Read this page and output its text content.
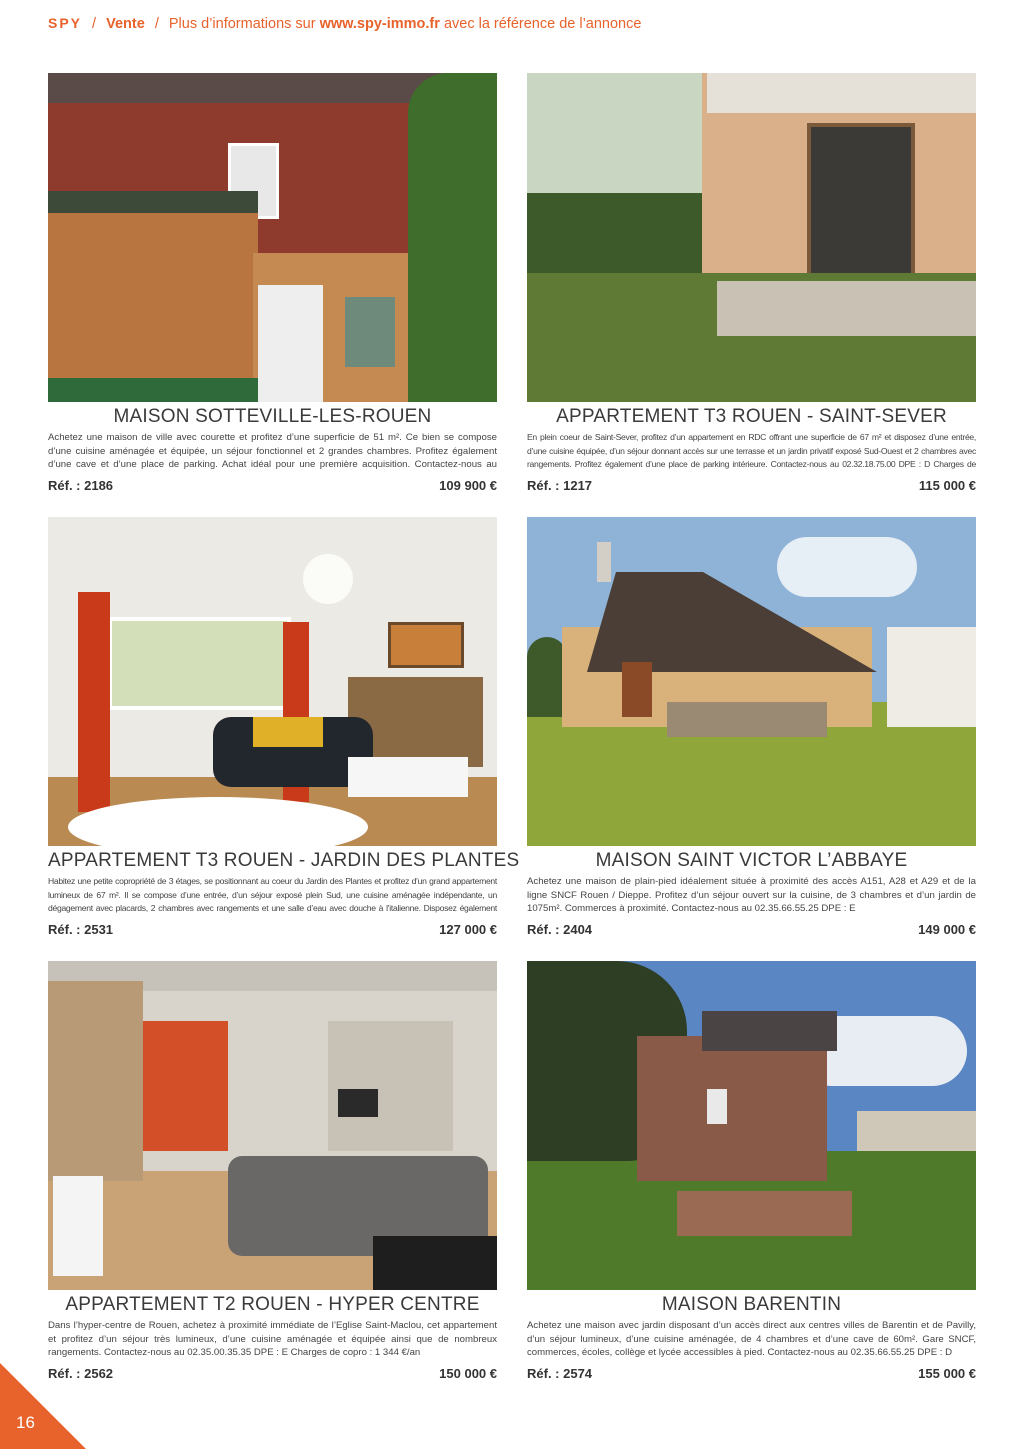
SPY / Vente / Plus d’informations sur www.spy-immo.fr avec la référence de l’annonce
MAISON SOTTEVILLE-LES-ROUEN
Achetez une maison de ville avec courette et profitez d’une superficie de 51 m². Ce bien se compose d’une cuisine aménagée et équipée, un séjour fonctionnel et 2 grandes chambres. Profitez également d’une cave et d’une place de parking. Achat idéal pour une première acquisition. Contactez-nous au
Réf. : 2186	109 900 €
APPARTEMENT T3 ROUEN - SAINT-SEVER
En plein coeur de Saint-Sever, profitez d’un appartement en RDC offrant une superficie de 67 m² et disposez d’une entrée, d’une cuisine équipée, d’un séjour donnant accès sur une terrasse et un jardin privatif exposé Sud-Ouest et 2 chambres avec rangements. Profitez également d’une place de parking intérieure. Contactez-nous au 02.32.18.75.00 DPE : D Charges de
Réf. : 1217	115 000 €
APPARTEMENT T3 ROUEN - JARDIN DES PLANTES
Habitez une petite copropriété de 3 étages, se positionnant au coeur du Jardin des Plantes et profitez d’un grand appartement lumineux de 67 m². Il se compose d’une entrée, d’un séjour exposé plein Sud, une cuisine aménagée indépendante, un dégagement avec placards, 2 chambres avec rangements et une salle d’eau avec douche à l’italienne. Disposez également
Réf. : 2531	127 000 €
MAISON SAINT VICTOR L’ABBAYE
Achetez une maison de plain-pied idéalement située à proximité des accès A151, A28 et A29 et de la ligne SNCF Rouen / Dieppe. Profitez d’un séjour ouvert sur la cuisine, de 3 chambres et d’un jardin de 1075m². Commerces à proximité. Contactez-nous au 02.35.66.55.25 DPE : E
Réf. : 2404	149 000 €
APPARTEMENT T2 ROUEN - HYPER CENTRE
Dans l’hyper-centre de Rouen, achetez à proximité immédiate de l’Eglise Saint-Maclou, cet appartement et profitez d’un séjour très lumineux, d’une cuisine aménagée et équipée ainsi que de nombreux rangements. Contactez-nous au 02.35.00.35.35 DPE : E Charges de copro : 1 344 €/an
Réf. : 2562	150 000 €
MAISON BARENTIN
Achetez une maison avec jardin disposant d’un accès direct aux centres villes de Barentin et de Pavilly, d’un séjour lumineux, d’une cuisine aménagée, de 4 chambres et d’une cave de 60m². Gare SNCF, commerces, écoles, collège et lycée accessibles à pied. Contactez-nous au 02.35.66.55.25 DPE : D
Réf. : 2574	155 000 €
16
